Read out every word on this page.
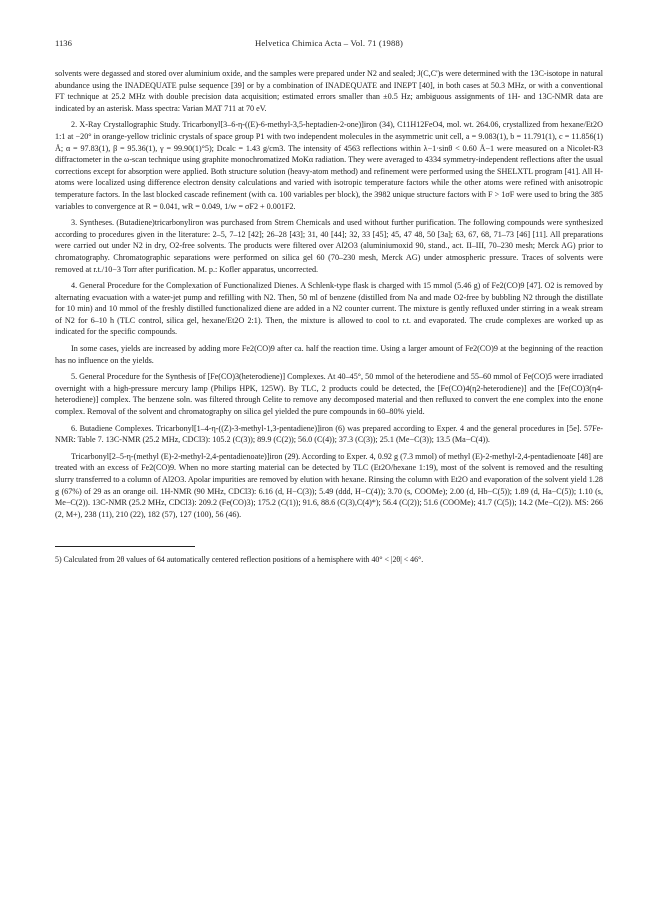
1136	Helvetica Chimica Acta – Vol. 71 (1988)

solvents were degassed and stored over aluminium oxide, and the samples were prepared under N2 and sealed; J(C,C')s were determined with the 13C-isotope in natural abundance using the INADEQUATE pulse sequence [39] or by a combination of INADEQUATE and INEPT [40], in both cases at 50.3 MHz, or with a conventional FT technique at 25.2 MHz with double precision data acquisition; estimated errors smaller than ±0.5 Hz; ambiguous assignments of 1H- and 13C-NMR data are indicated by an asterisk. Mass spectra: Varian MAT 711 at 70 eV.

2. X-Ray Crystallographic Study. Tricarbonyl[3–6-η-((E)-6-methyl-3,5-heptadien-2-one)]iron (34), C11H12FeO4, mol. wt. 264.06, crystallized from hexane/Et2O 1:1 at −20° in orange-yellow triclinic crystals of space group P1 with two independent molecules in the asymmetric unit cell, a = 9.083(1), b = 11.791(1), c = 11.856(1) Å; α = 97.83(1), β = 95.36(1), γ = 99.90(1)°5); Dcalc = 1.43 g/cm3. The intensity of 4563 reflections within λ−1·sinθ < 0.60 Å−1 were measured on a Nicolet-R3 diffractometer in the ω-scan technique using graphite monochromatized MoKα radiation. They were averaged to 4334 symmetry-independent reflections after the usual corrections except for absorption were applied. Both structure solution (heavy-atom method) and refinement were performed using the SHELXTL program [41]. All H-atoms were localized using difference electron density calculations and varied with isotropic temperature factors while the other atoms were refined with anisotropic temperature factors. In the last blocked cascade refinement (with ca. 100 variables per block), the 3982 unique structure factors with F > 1σF were used to bring the 385 variables to convergence at R = 0.041, wR = 0.049, 1/w = σF2 + 0.001F2.

3. Syntheses. (Butadiene)tricarbonyliron was purchased from Strem Chemicals and used without further purification. The following compounds were synthesized according to procedures given in the literature: 2–5, 7–12 [42]; 26–28 [43]; 31, 40 [44]; 32, 33 [45]; 45, 47 48, 50 [3a]; 63, 67, 68, 71–73 [46] [11]. All preparations were carried out under N2 in dry, O2-free solvents. The products were filtered over Al2O3 (aluminiumoxid 90, stand., act. II–III, 70–230 mesh; Merck AG) prior to chromatography. Chromatographic separations were performed on silica gel 60 (70–230 mesh, Merck AG) under atmospheric pressure. Traces of solvents were removed at r.t./10−3 Torr after purification. M. p.: Kofler apparatus, uncorrected.

4. General Procedure for the Complexation of Functionalized Dienes. A Schlenk-type flask is charged with 15 mmol (5.46 g) of Fe2(CO)9 [47]. O2 is removed by alternating evacuation with a water-jet pump and refilling with N2. Then, 50 ml of benzene (distilled from Na and made O2-free by bubbling N2 through the distillate for 10 min) and 10 mmol of the freshly distilled functionalized diene are added in a N2 counter current. The mixture is gently refluxed under stirring in a weak stream of N2 for 6–10 h (TLC control, silica gel, hexane/Et2O 2:1). Then, the mixture is allowed to cool to r.t. and evaporated. The crude complexes are worked up as indicated for the specific compounds.

In some cases, yields are increased by adding more Fe2(CO)9 after ca. half the reaction time. Using a larger amount of Fe2(CO)9 at the beginning of the reaction has no influence on the yields.

5. General Procedure for the Synthesis of [Fe(CO)3(heterodiene)] Complexes. At 40–45°, 50 mmol of the heterodiene and 55–60 mmol of Fe(CO)5 were irradiated overnight with a high-pressure mercury lamp (Philips HPK, 125W). By TLC, 2 products could be detected, the [Fe(CO)4(η2-heterodiene)] and the [Fe(CO)3(η4-heterodiene)] complex. The benzene soln. was filtered through Celite to remove any decomposed material and then refluxed to convert the ene complex into the enone complex. Removal of the solvent and chromatography on silica gel yielded the pure compounds in 60–80% yield.

6. Butadiene Complexes. Tricarbonyl[1–4-η-((Z)-3-methyl-1,3-pentadiene)]iron (6) was prepared according to Exper. 4 and the general procedures in [5e]. 57Fe-NMR: Table 7. 13C-NMR (25.2 MHz, CDCl3): 105.2 (C(3)); 89.9 (C(2)); 56.0 (C(4)); 37.3 (C(3)); 25.1 (Me−C(3)); 13.5 (Ma−C(4)).

Tricarbonyl[2–5-η-(methyl (E)-2-methyl-2,4-pentadienoate)]iron (29). According to Exper. 4, 0.92 g (7.3 mmol) of methyl (E)-2-methyl-2,4-pentadienoate [48] are treated with an excess of Fe2(CO)9. When no more starting material can be detected by TLC (Et2O/hexane 1:19), most of the solvent is removed and the resulting slurry transferred to a column of Al2O3. Apolar impurities are removed by elution with hexane. Rinsing the column with Et2O and evaporation of the solvent yield 1.28 g (67%) of 29 as an orange oil. 1H-NMR (90 MHz, CDCl3): 6.16 (d, H−C(3)); 5.49 (ddd, H−C(4)); 3.70 (s, COOMe); 2.00 (d, Hb−C(5)); 1.89 (d, Ha−C(5)); 1.10 (s, Me−C(2)). 13C-NMR (25.2 MHz, CDCl3): 209.2 (Fe(CO)3); 175.2 (C(1)); 91.6, 88.6 (C(3),C(4)*); 56.4 (C(2)); 51.6 (COOMe); 41.7 (C(5)); 14.2 (Me−C(2)). MS: 266 (2, M+), 238 (11), 210 (22), 182 (57), 127 (100), 56 (46).

5) Calculated from 2θ values of 64 automatically centered reflection positions of a hemisphere with 40° < |2θ| < 46°.
